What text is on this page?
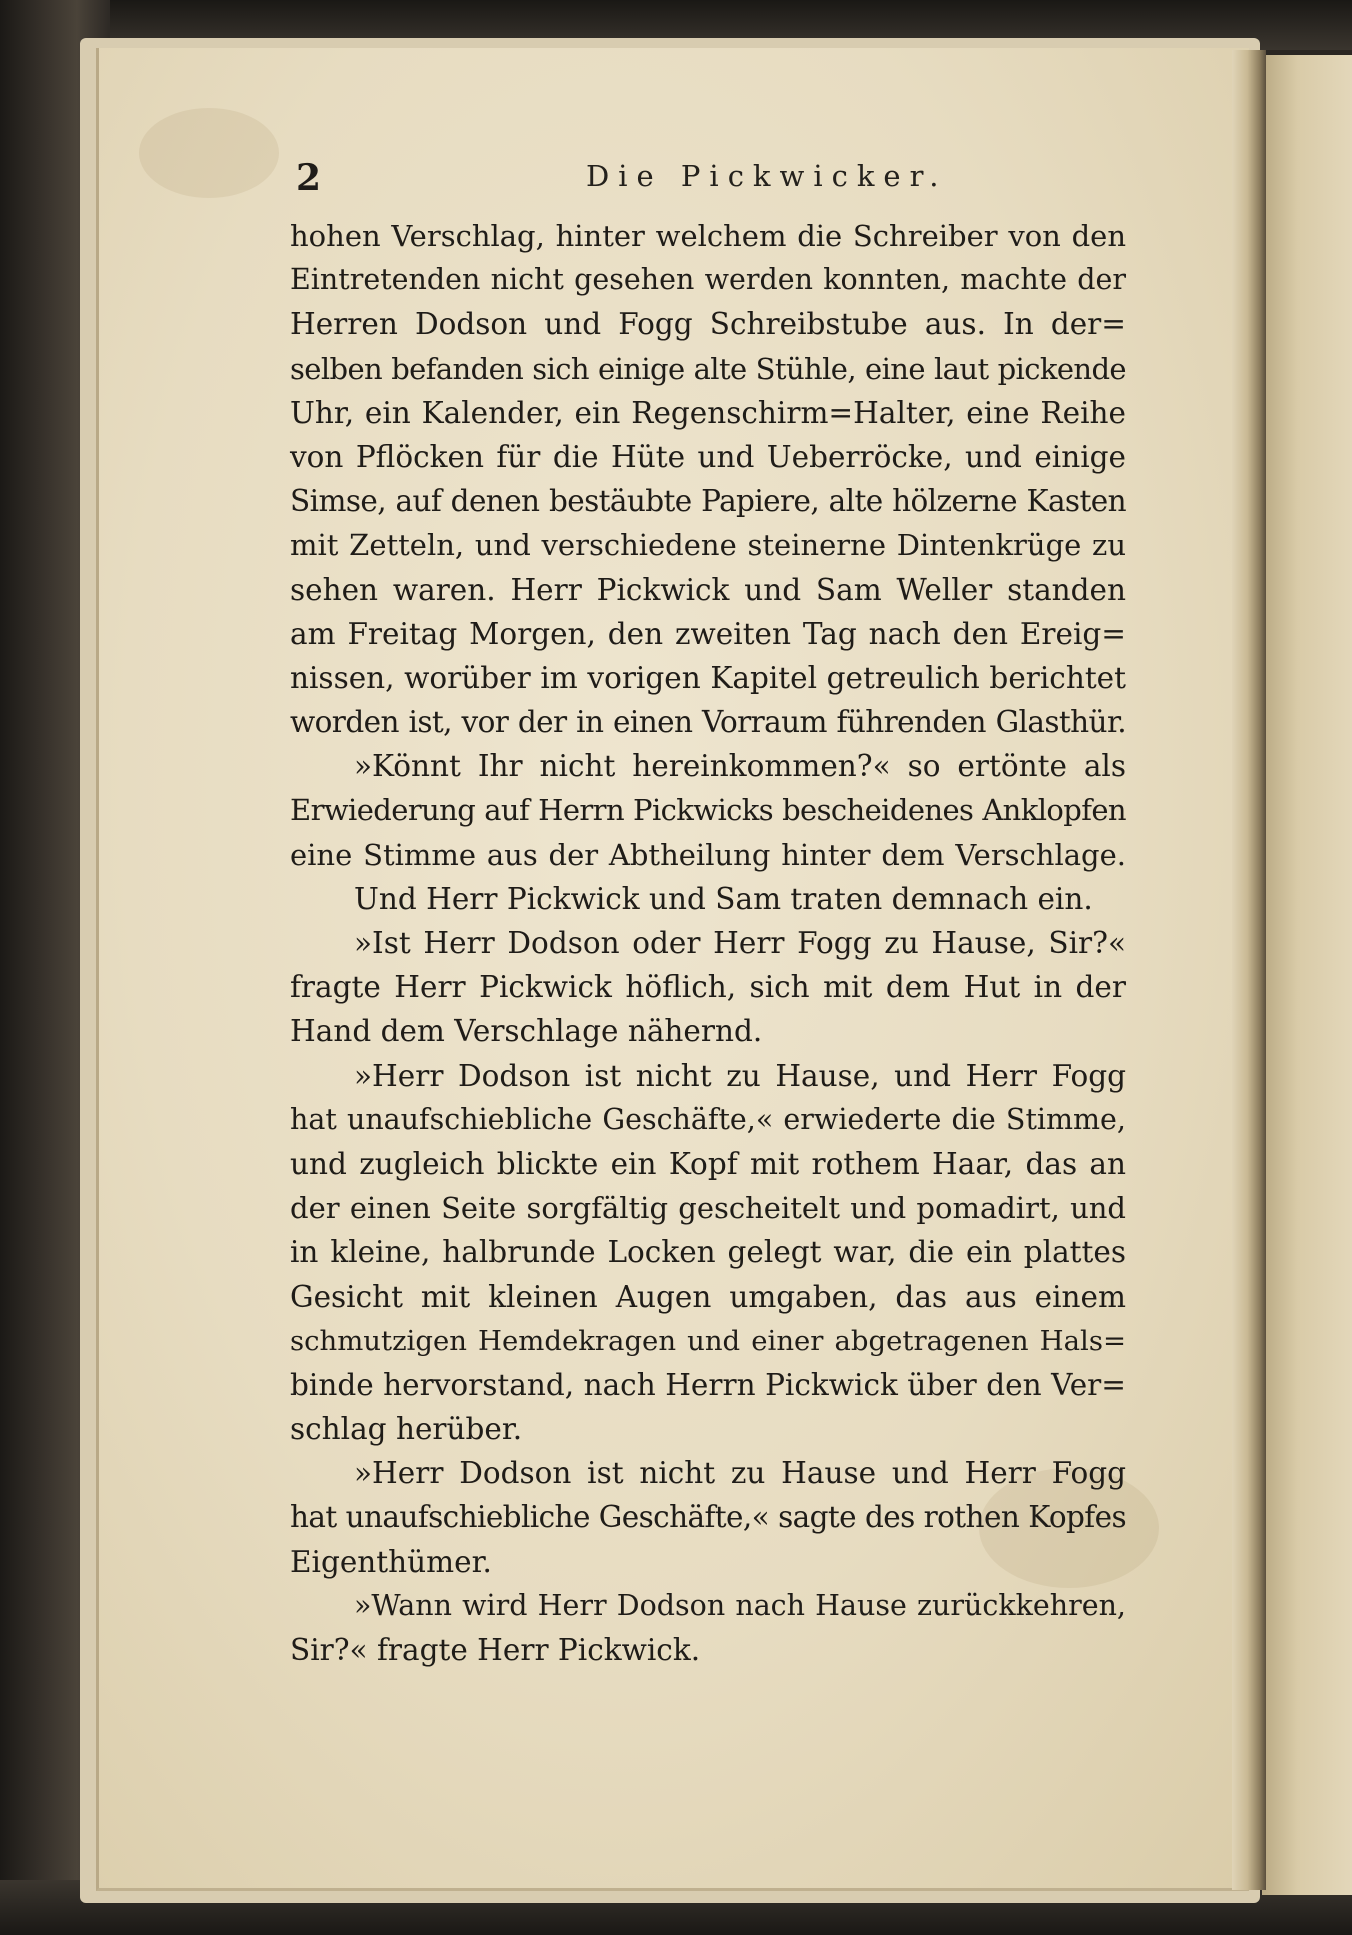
2	Die Pickwicker.
hohen Verschlag, hinter welchem die Schreiber von den
Eintretenden nicht gesehen werden konnten, machte der
Herren Dodson und Fogg Schreibstube aus. In der=
selben befanden sich einige alte Stühle, eine laut pickende
Uhr, ein Kalender, ein Regenschirm=Halter, eine Reihe
von Pflöcken für die Hüte und Ueberröcke, und einige
Simse, auf denen bestäubte Papiere, alte hölzerne Kasten
mit Zetteln, und verschiedene steinerne Dintenkrüge zu
sehen waren. Herr Pickwick und Sam Weller standen
am Freitag Morgen, den zweiten Tag nach den Ereig=
nissen, worüber im vorigen Kapitel getreulich berichtet
worden ist, vor der in einen Vorraum führenden Glasthür.
»Könnt Ihr nicht hereinkommen?« so ertönte als
Erwiederung auf Herrn Pickwicks bescheidenes Anklopfen
eine Stimme aus der Abtheilung hinter dem Verschlage.
Und Herr Pickwick und Sam traten demnach ein.
»Ist Herr Dodson oder Herr Fogg zu Hause, Sir?«
fragte Herr Pickwick höflich, sich mit dem Hut in der
Hand dem Verschlage nähernd.
»Herr Dodson ist nicht zu Hause, und Herr Fogg
hat unaufschiebliche Geschäfte,« erwiederte die Stimme,
und zugleich blickte ein Kopf mit rothem Haar, das an
der einen Seite sorgfältig gescheitelt und pomadirt, und
in kleine, halbrunde Locken gelegt war, die ein plattes
Gesicht mit kleinen Augen umgaben, das aus einem
schmutzigen Hemdekragen und einer abgetragenen Hals=
binde hervorstand, nach Herrn Pickwick über den Ver=
schlag herüber.
»Herr Dodson ist nicht zu Hause und Herr Fogg
hat unaufschiebliche Geschäfte,« sagte des rothen Kopfes
Eigenthümer.
»Wann wird Herr Dodson nach Hause zurückkehren,
Sir?« fragte Herr Pickwick.
